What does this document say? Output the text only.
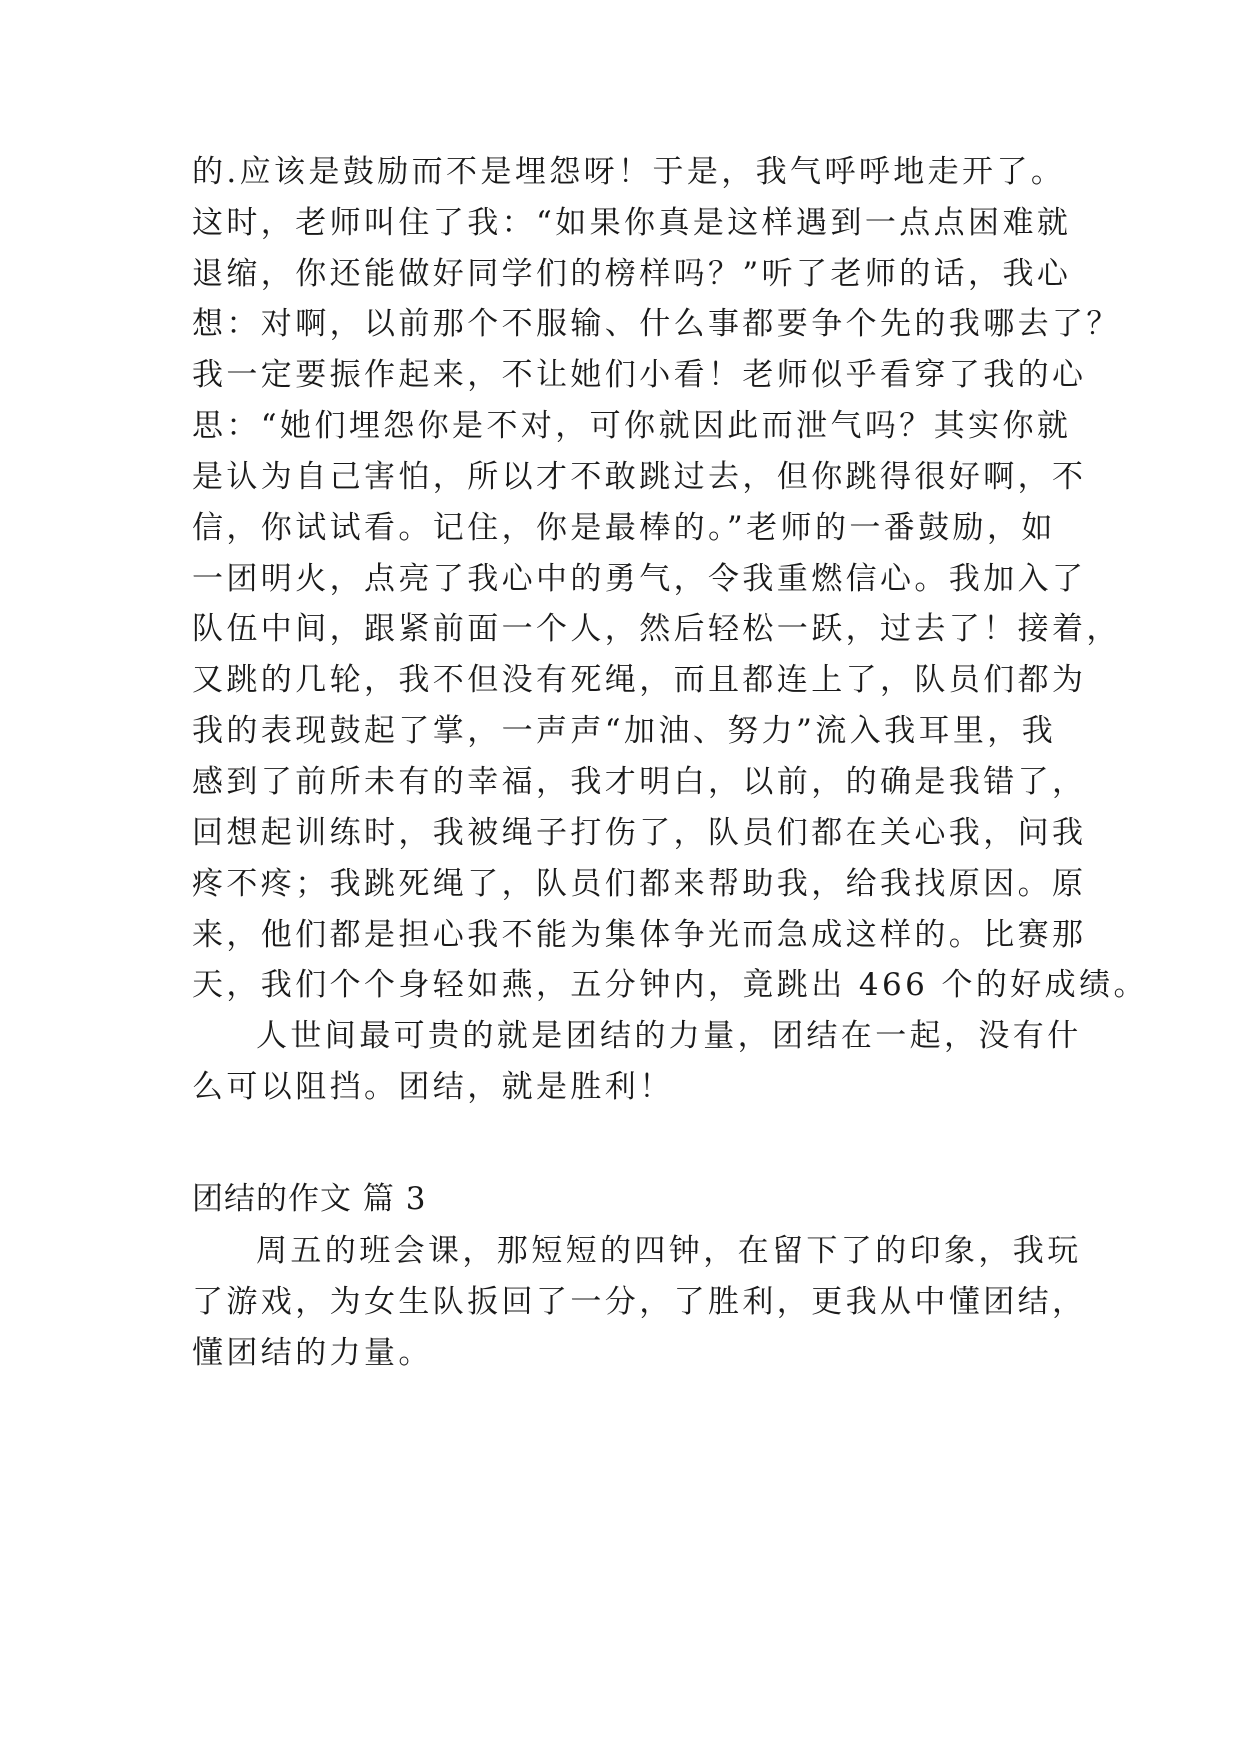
的.应该是鼓励而不是埋怨呀！于是，我气呼呼地走开了。
这时，老师叫住了我：“如果你真是这样遇到一点点困难就
退缩，你还能做好同学们的榜样吗？”听了老师的话，我心
想：对啊，以前那个不服输、什么事都要争个先的我哪去了？
我一定要振作起来，不让她们小看！老师似乎看穿了我的心
思：“她们埋怨你是不对，可你就因此而泄气吗？其实你就
是认为自己害怕，所以才不敢跳过去，但你跳得很好啊，不
信，你试试看。记住，你是最棒的。”老师的一番鼓励，如
一团明火，点亮了我心中的勇气，令我重燃信心。我加入了
队伍中间，跟紧前面一个人，然后轻松一跃，过去了！接着，
又跳的几轮，我不但没有死绳，而且都连上了，队员们都为
我的表现鼓起了掌，一声声“加油、努力”流入我耳里，我
感到了前所未有的幸福，我才明白，以前，的确是我错了，
回想起训练时，我被绳子打伤了，队员们都在关心我，问我
疼不疼；我跳死绳了，队员们都来帮助我，给我找原因。原
来，他们都是担心我不能为集体争光而急成这样的。比赛那
天，我们个个身轻如燕，五分钟内，竟跳出 466 个的好成绩。
人世间最可贵的就是团结的力量，团结在一起，没有什
么可以阻挡。团结，就是胜利！
团结的作文 篇 3
周五的班会课，那短短的四钟，在留下了的印象，我玩
了游戏，为女生队扳回了一分，了胜利，更我从中懂团结，
懂团结的力量。
